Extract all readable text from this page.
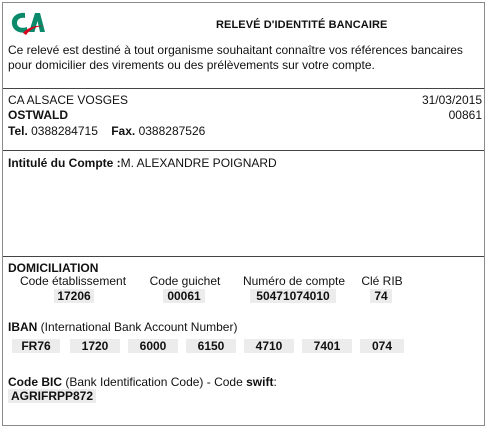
RELEVÉ D'IDENTITÉ BANCAIRE
Ce relevé est destiné à tout organisme souhaitant connaître vos références bancaires pour domicilier des virements ou des prélèvements sur votre compte.
CA ALSACE VOSGES	31/03/2015
OSTWALD	00861
Tel. 0388284715 Fax. 0388287526
Intitulé du Compte :M. ALEXANDRE POIGNARD
DOMICILIATION
Code établissement	Code guichet	Numéro de compte	Clé RIB
17206	00061	50471074010	74
IBAN (International Bank Account Number)
FR76	1720	6000	6150	4710	7401	074
Code BIC (Bank Identification Code) - Code swift:
AGRIFRPP872
